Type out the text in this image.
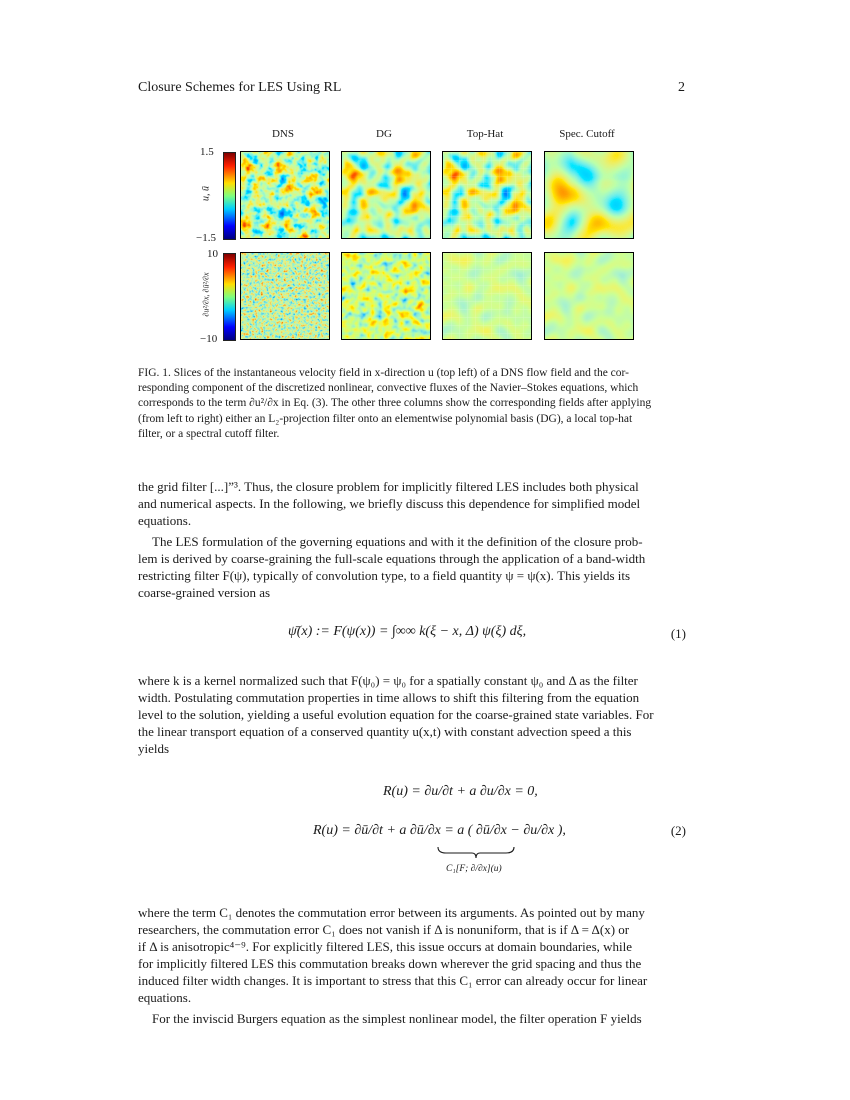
Closure Schemes for LES Using RL	2
DNS	DG	Top-Hat	Spec. Cutoff
1.5
−1.5
u, ū
10
−10
∂u²/∂x, ∂ū²/∂x
FIG. 1. Slices of the instantaneous velocity field in x-direction u (top left) of a DNS flow field and the cor-
responding component of the discretized nonlinear, convective fluxes of the Navier–Stokes equations, which
corresponds to the term ∂u²/∂x in Eq. (3). The other three columns show the corresponding fields after applying
(from left to right) either an L₂-projection filter onto an elementwise polynomial basis (DG), a local top-hat
filter, or a spectral cutoff filter.
the grid filter [...]”³. Thus, the closure problem for implicitly filtered LES includes both physical
and numerical aspects. In the following, we briefly discuss this dependence for simplified model
equations.
The LES formulation of the governing equations and with it the definition of the closure prob-
lem is derived by coarse-graining the full-scale equations through the application of a band-width
restricting filter F(ψ), typically of convolution type, to a field quantity ψ = ψ(x). This yields its
coarse-grained version as
ψ̄(x) := F(ψ(x)) = ∫∞∞ k(ξ − x, Δ) ψ(ξ) dξ,	(1)
where k is a kernel normalized such that F(ψ₀) = ψ₀ for a spatially constant ψ₀ and Δ as the filter
width. Postulating commutation properties in time allows to shift this filtering from the equation
level to the solution, yielding a useful evolution equation for the coarse-grained state variables. For
the linear transport equation of a conserved quantity u(x,t) with constant advection speed a this
yields
R(u) = ∂u/∂t + a ∂u/∂x = 0,
R(u) = ∂ū/∂t + a ∂ū/∂x = a ( ∂ū/∂x − ∂u/∂x ),
C₁[F; ∂/∂x](u)
(2)
where the term C₁ denotes the commutation error between its arguments. As pointed out by many
researchers, the commutation error C₁ does not vanish if Δ is nonuniform, that is if Δ = Δ(x) or
if Δ is anisotropic⁴⁻⁹. For explicitly filtered LES, this issue occurs at domain boundaries, while
for implicitly filtered LES this commutation breaks down wherever the grid spacing and thus the
induced filter width changes. It is important to stress that this C₁ error can already occur for linear
equations.
For the inviscid Burgers equation as the simplest nonlinear model, the filter operation F yields
